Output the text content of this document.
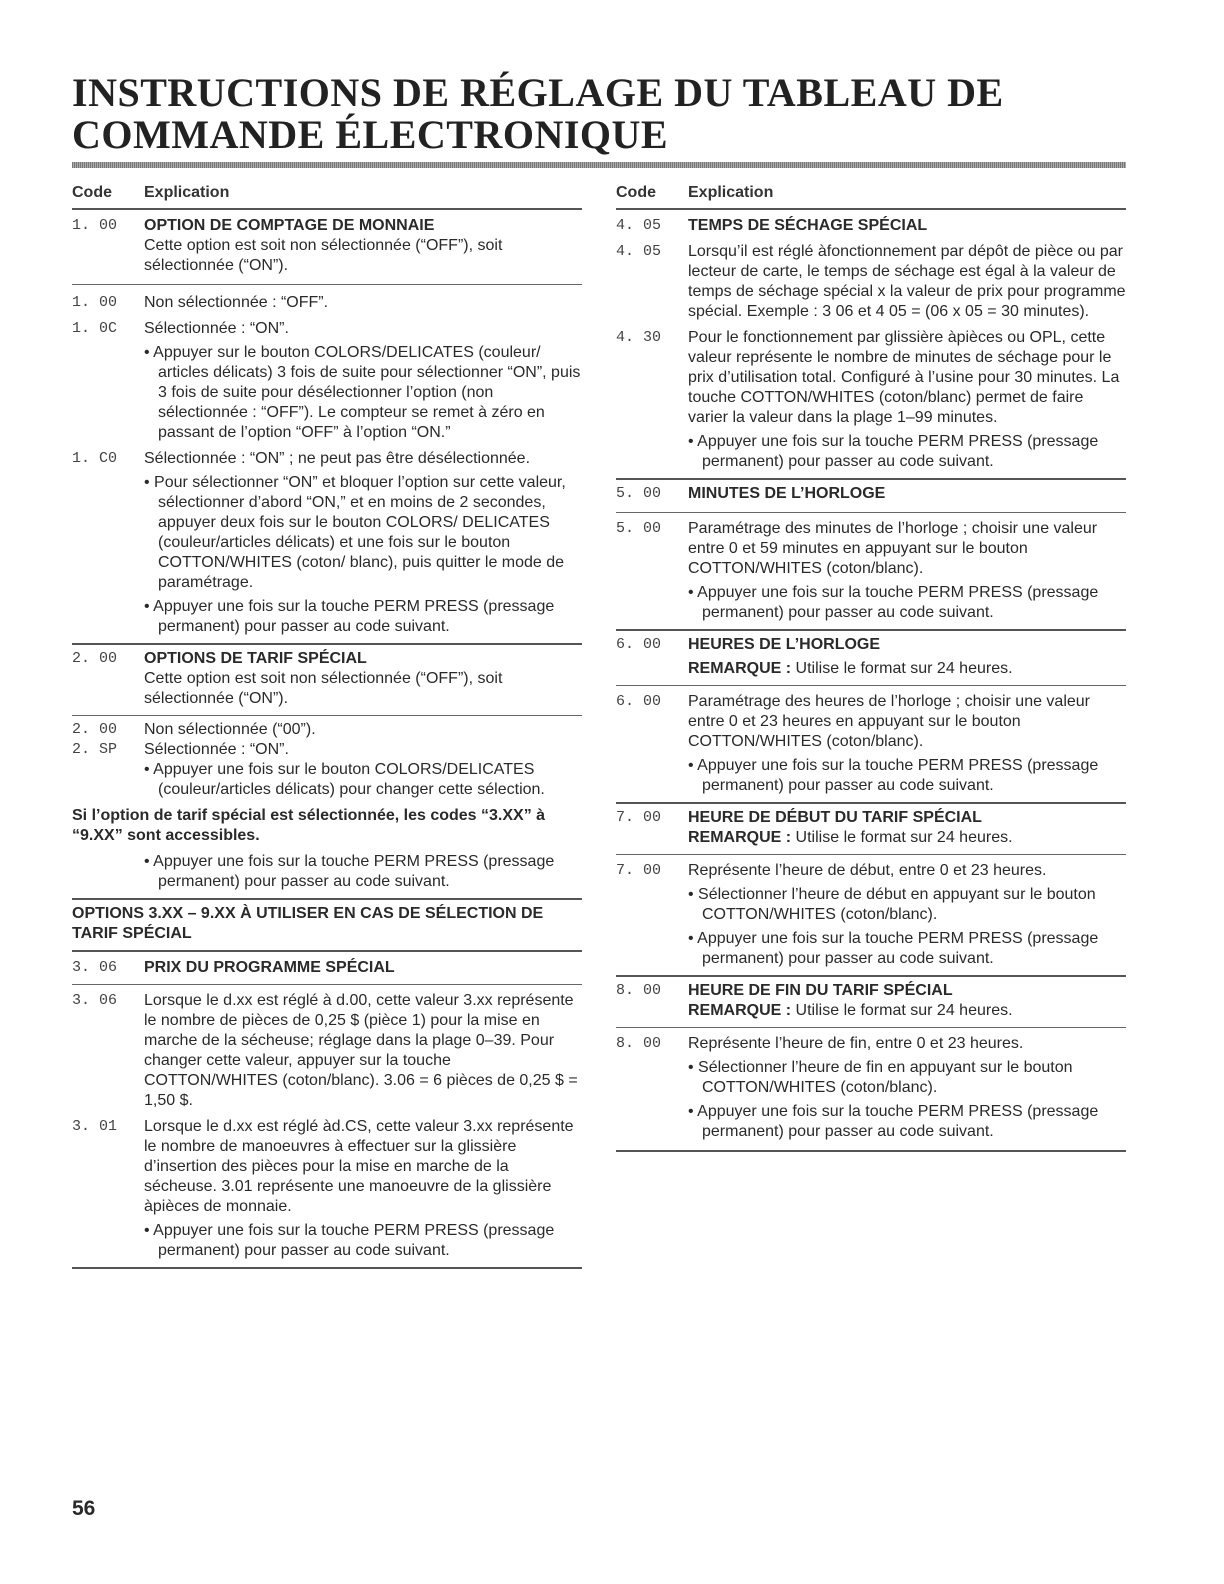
INSTRUCTIONS DE RÉGLAGE DU TABLEAU DE COMMANDE ÉLECTRONIQUE
Code	Explication
1. 00	OPTION DE COMPTAGE DE MONNAIE
Cette option est soit non sélectionnée (“OFF”), soit sélectionnée (“ON”).
1. 00	Non sélectionnée : “OFF”.
1. 0C	Sélectionnée : “ON”.
• Appuyer sur le bouton COLORS/DELICATES (couleur/ articles délicats) 3 fois de suite pour sélectionner “ON”, puis 3 fois de suite pour désélectionner l’option (non sélectionnée : “OFF”). Le compteur se remet à zéro en passant de l’option “OFF” à l’option “ON.”
1. C0	Sélectionnée : “ON” ; ne peut pas être désélectionnée.
• Pour sélectionner “ON” et bloquer l’option sur cette valeur, sélectionner d’abord “ON,” et en moins de 2 secondes, appuyer deux fois sur le bouton COLORS/ DELICATES (couleur/articles délicats) et une fois sur le bouton COTTON/WHITES (coton/ blanc), puis quitter le mode de paramétrage.
• Appuyer une fois sur la touche PERM PRESS (pressage permanent) pour passer au code suivant.
2. 00	OPTIONS DE TARIF SPÉCIAL
Cette option est soit non sélectionnée (“OFF”), soit sélectionnée (“ON”).
2. 00	Non sélectionnée (“00”).
2. SP	Sélectionnée : “ON”.
• Appuyer une fois sur le bouton COLORS/DELICATES (couleur/articles délicats) pour changer cette sélection.
Si l’option de tarif spécial est sélectionnée, les codes “3.XX” à “9.XX” sont accessibles.
• Appuyer une fois sur la touche PERM PRESS (pressage permanent) pour passer au code suivant.
OPTIONS 3.XX – 9.XX À UTILISER EN CAS DE SÉLECTION DE TARIF SPÉCIAL
3. 06	PRIX DU PROGRAMME SPÉCIAL
3. 06	Lorsque le d.xx est réglé à d.00, cette valeur 3.xx représente le nombre de pièces de 0,25 $ (pièce 1) pour la mise en marche de la sécheuse; réglage dans la plage 0–39. Pour changer cette valeur, appuyer sur la touche COTTON/WHITES (coton/blanc). 3.06 = 6 pièces de 0,25 $ = 1,50 $.
3. 01	Lorsque le d.xx est réglé àd.CS, cette valeur 3.xx représente le nombre de manoeuvres à effectuer sur la glissière d’insertion des pièces pour la mise en marche de la sécheuse. 3.01 représente une manoeuvre de la glissière àpièces de monnaie.
• Appuyer une fois sur la touche PERM PRESS (pressage permanent) pour passer au code suivant.
Code	Explication
4. 05	TEMPS DE SÉCHAGE SPÉCIAL
4. 05	Lorsqu’il est réglé àfonctionnement par dépôt de pièce ou par lecteur de carte, le temps de séchage est égal à la valeur de temps de séchage spécial x la valeur de prix pour programme spécial. Exemple : 3 06 et 4 05 = (06 x 05 = 30 minutes).
4. 30	Pour le fonctionnement par glissière àpièces ou OPL, cette valeur représente le nombre de minutes de séchage pour le prix d’utilisation total. Configuré à l’usine pour 30 minutes. La touche COTTON/WHITES (coton/blanc) permet de faire varier la valeur dans la plage 1–99 minutes.
• Appuyer une fois sur la touche PERM PRESS (pressage permanent) pour passer au code suivant.
5. 00	MINUTES DE L’HORLOGE
5. 00	Paramétrage des minutes de l’horloge ; choisir une valeur entre 0 et 59 minutes en appuyant sur le bouton COTTON/WHITES (coton/blanc).
• Appuyer une fois sur la touche PERM PRESS (pressage permanent) pour passer au code suivant.
6. 00	HEURES DE L’HORLOGE
REMARQUE : Utilise le format sur 24 heures.
6. 00	Paramétrage des heures de l’horloge ; choisir une valeur entre 0 et 23 heures en appuyant sur le bouton COTTON/WHITES (coton/blanc).
• Appuyer une fois sur la touche PERM PRESS (pressage permanent) pour passer au code suivant.
7. 00	HEURE DE DÉBUT DU TARIF SPÉCIAL
REMARQUE : Utilise le format sur 24 heures.
7. 00	Représente l’heure de début, entre 0 et 23 heures.
• Sélectionner l’heure de début en appuyant sur le bouton COTTON/WHITES (coton/blanc).
• Appuyer une fois sur la touche PERM PRESS (pressage permanent) pour passer au code suivant.
8. 00	HEURE DE FIN DU TARIF SPÉCIAL
REMARQUE : Utilise le format sur 24 heures.
8. 00	Représente l’heure de fin, entre 0 et 23 heures.
• Sélectionner l’heure de fin en appuyant sur le bouton COTTON/WHITES (coton/blanc).
• Appuyer une fois sur la touche PERM PRESS (pressage permanent) pour passer au code suivant.
56
